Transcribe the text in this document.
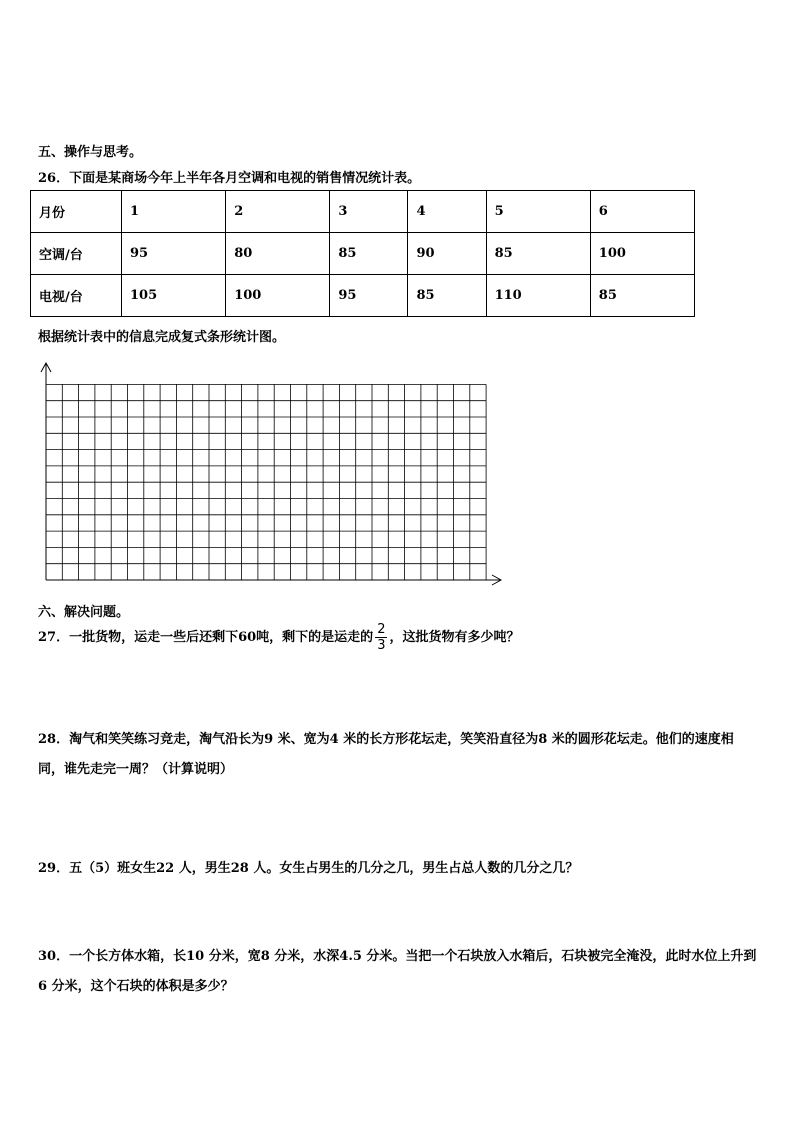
五、操作与思考。
26．下面是某商场今年上半年各月空调和电视的销售情况统计表。
月份	1	2	3	4	5	6
空调/台	95	80	85	90	85	100
电视/台	105	100	95	85	110	85
根据统计表中的信息完成复式条形统计图。
六、解决问题。
27．一批货物，运走一些后还剩下60吨，剩下的是运走的 $\frac{2}{3}$ ，这批货物有多少吨？
28．淘气和笑笑练习竞走，淘气沿长为9 米、宽为4 米的长方形花坛走，笑笑沿直径为8 米的圆形花坛走。他们的速度相同，谁先走完一周？（计算说明）
29．五（5）班女生22 人，男生28 人。女生占男生的几分之几，男生占总人数的几分之几？
30．一个长方体水箱，长10 分米，宽8 分米，水深4.5 分米。当把一个石块放入水箱后，石块被完全淹没，此时水位上升到6 分米，这个石块的体积是多少？
